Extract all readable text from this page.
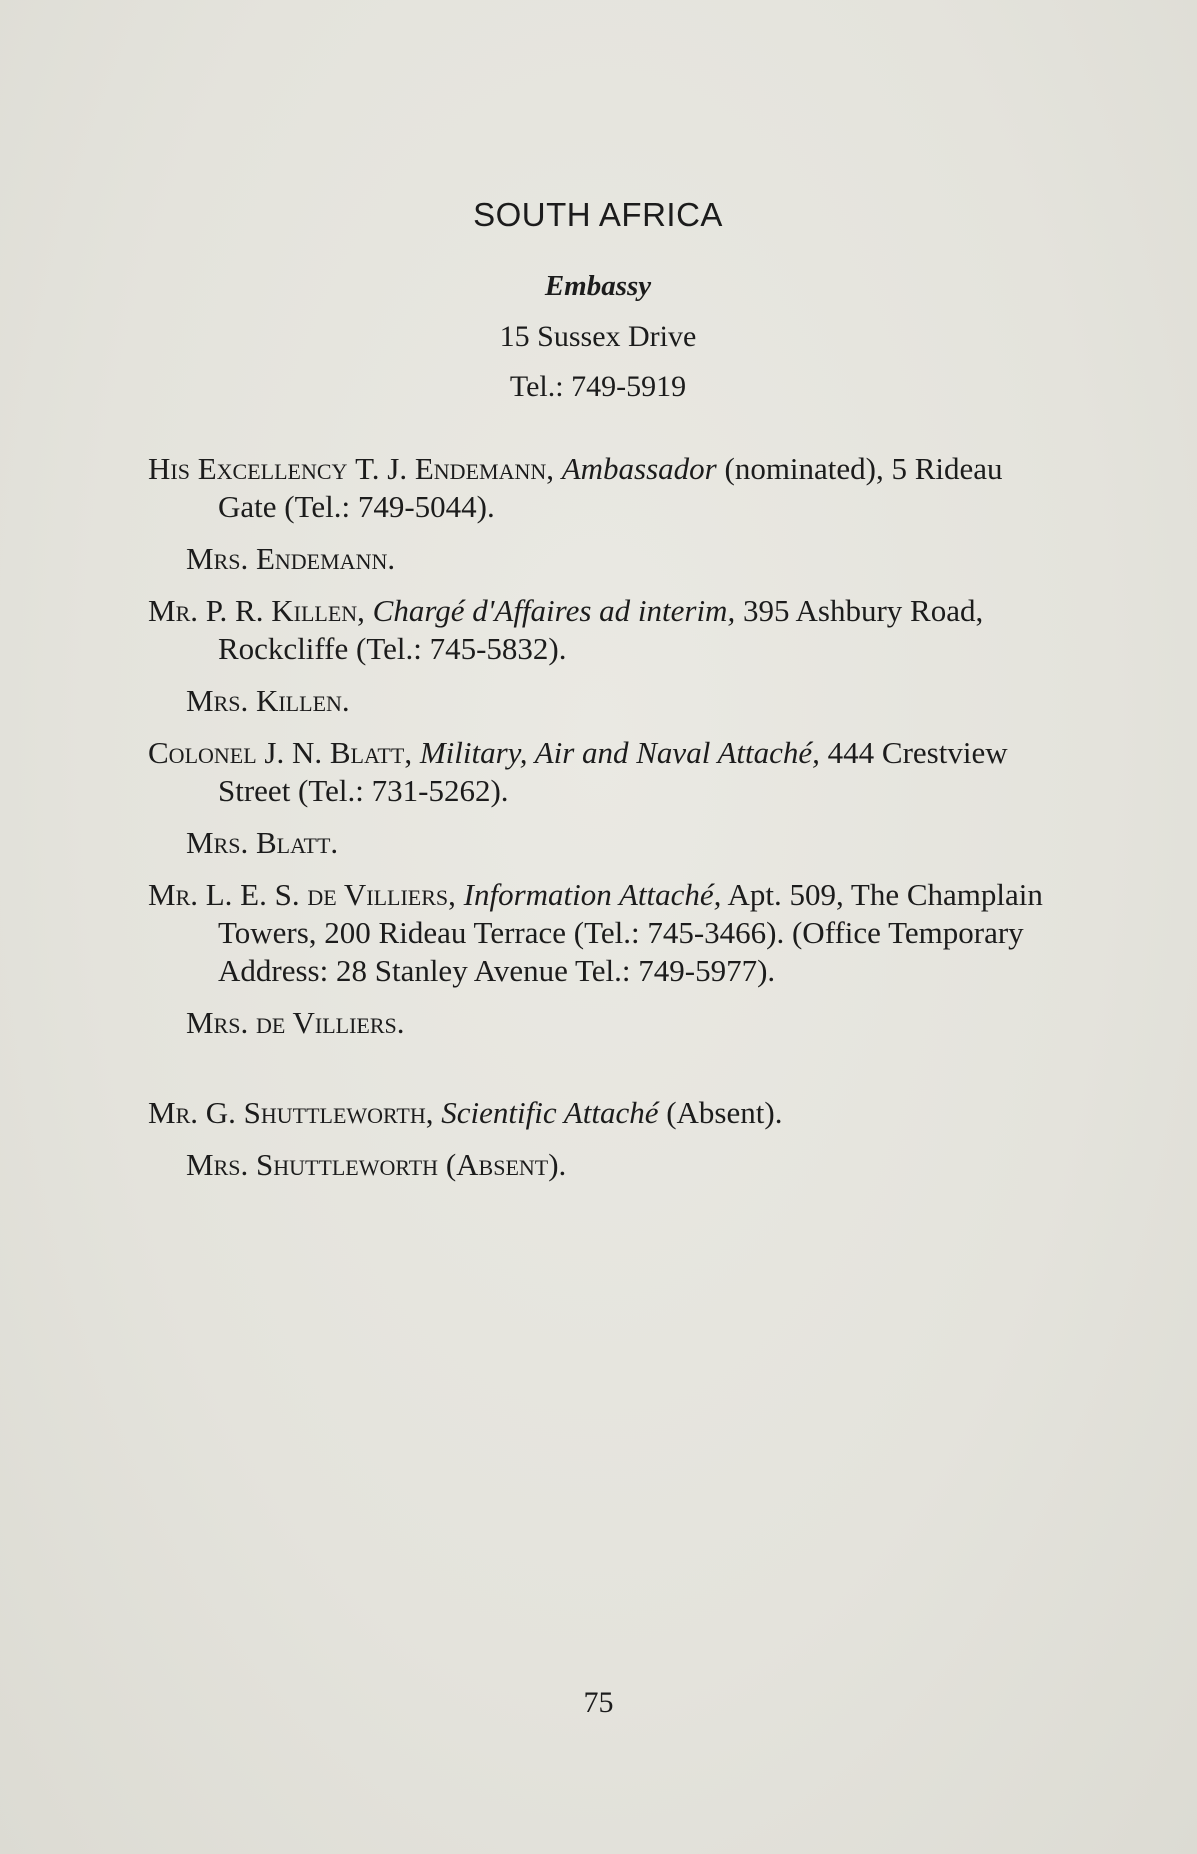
SOUTH AFRICA
Embassy
15 Sussex Drive
Tel.: 749-5919
His Excellency T. J. Endemann, Ambassador (nominated), 5 Rideau Gate (Tel.: 749-5044).
Mrs. Endemann.
Mr. P. R. Killen, Chargé d'Affaires ad interim, 395 Ashbury Road, Rockcliffe (Tel.: 745-5832).
Mrs. Killen.
Colonel J. N. Blatt, Military, Air and Naval Attaché, 444 Crestview Street (Tel.: 731-5262).
Mrs. Blatt.
Mr. L. E. S. de Villiers, Information Attaché, Apt. 509, The Champlain Towers, 200 Rideau Terrace (Tel.: 745-3466). (Office Temporary Address: 28 Stanley Avenue Tel.: 749-5977).
Mrs. de Villiers.
Mr. G. Shuttleworth, Scientific Attaché (Absent).
Mrs. Shuttleworth (Absent).
75
